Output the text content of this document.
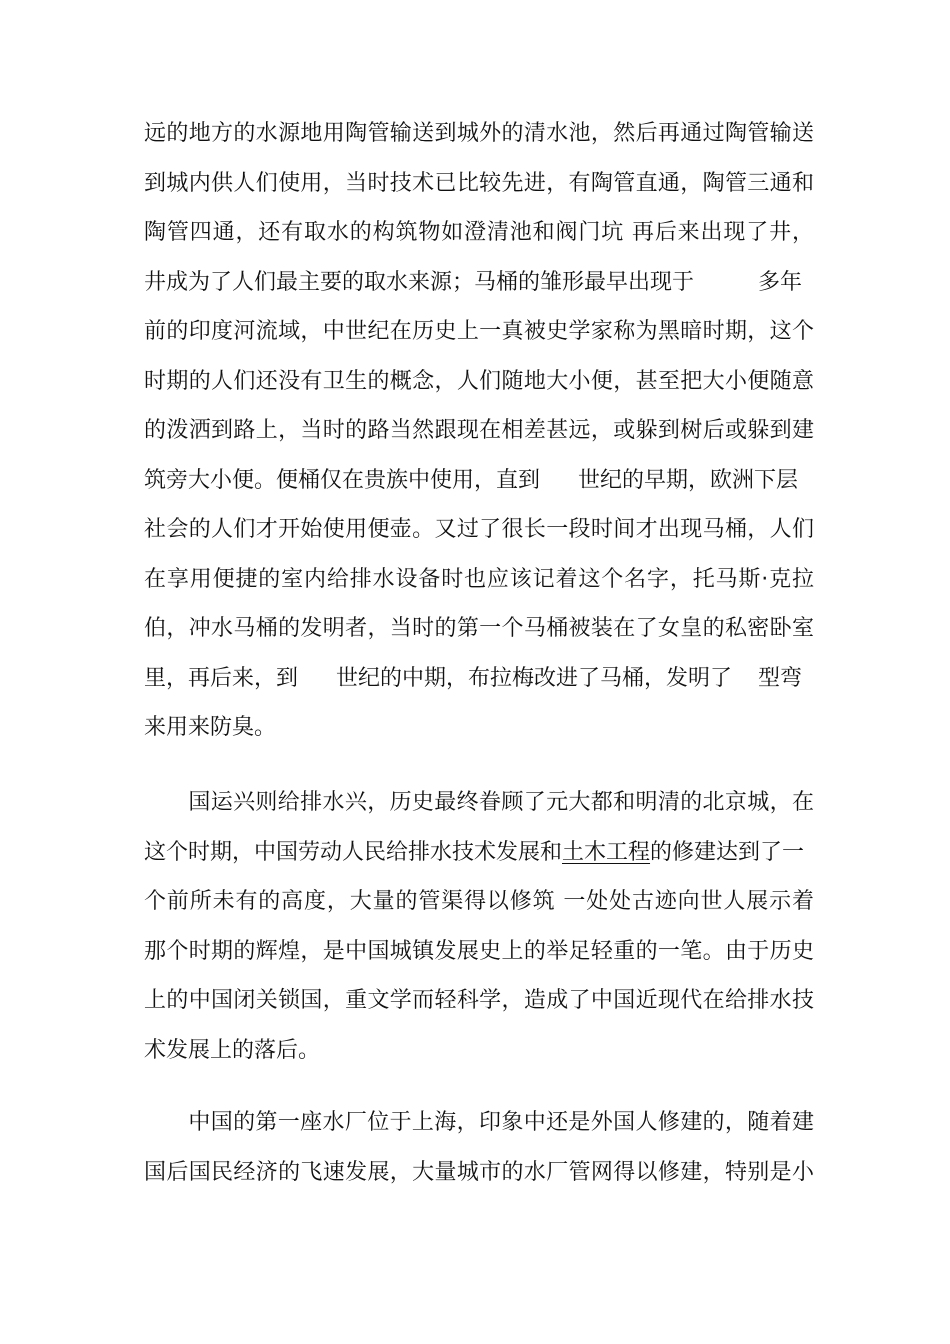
远的地方的水源地用陶管输送到城外的清水池，然后再通过陶管输送
到城内供人们使用，当时技术已比较先进，有陶管直通，陶管三通和
陶管四通，还有取水的构筑物如澄清池和阀门坑 再后来出现了井，
井成为了人们最主要的取水来源；马桶的雏形最早出现于	多年
前的印度河流域，中世纪在历史上一真被史学家称为黑暗时期，这个
时期的人们还没有卫生的概念，人们随地大小便，甚至把大小便随意
的泼洒到路上，当时的路当然跟现在相差甚远，或躲到树后或躲到建
筑旁大小便。便桶仅在贵族中使用，直到 世纪的早期，欧洲下层
社会的人们才开始使用便壶。又过了很长一段时间才出现马桶，人们
在享用便捷的室内给排水设备时也应该记着这个名字，托马斯·克拉
伯，冲水马桶的发明者，当时的第一个马桶被装在了女皇的私密卧室
里，再后来，到 世纪的中期，布拉梅改进了马桶，发明了 型弯
来用来防臭。
国运兴则给排水兴，历史最终眷顾了元大都和明清的北京城，在
这个时期，中国劳动人民给排水技术发展和土木工程的修建达到了一
个前所未有的高度，大量的管渠得以修筑 一处处古迹向世人展示着
那个时期的辉煌，是中国城镇发展史上的举足轻重的一笔。由于历史
上的中国闭关锁国，重文学而轻科学，造成了中国近现代在给排水技
术发展上的落后。
中国的第一座水厂位于上海，印象中还是外国人修建的，随着建
国后国民经济的飞速发展，大量城市的水厂管网得以修建，特别是小
